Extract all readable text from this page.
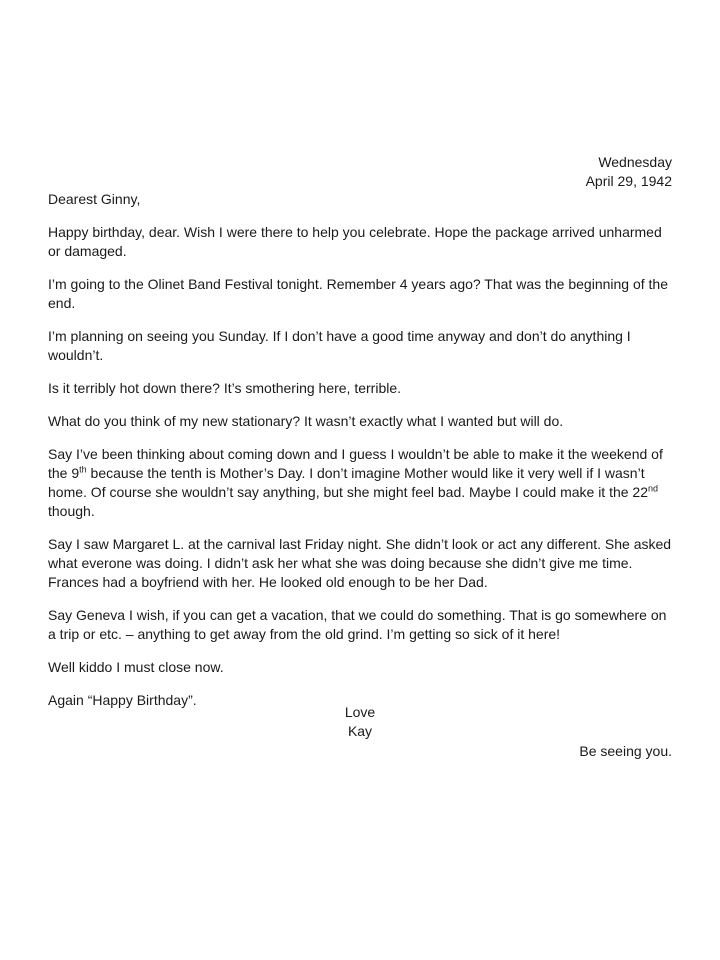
Wednesday
April 29, 1942

Dearest Ginny,

Happy birthday, dear. Wish I were there to help you celebrate. Hope the package arrived unharmed or damaged.

I’m going to the Olinet Band Festival tonight. Remember 4 years ago? That was the beginning of the end.

I’m planning on seeing you Sunday. If I don’t have a good time anyway and don’t do anything I wouldn’t.

Is it terribly hot down there? It’s smothering here, terrible.

What do you think of my new stationary? It wasn’t exactly what I wanted but will do.

Say I’ve been thinking about coming down and I guess I wouldn’t be able to make it the weekend of the 9th because the tenth is Mother’s Day. I don’t imagine Mother would like it very well if I wasn’t home. Of course she wouldn’t say anything, but she might feel bad. Maybe I could make it the 22nd though.

Say I saw Margaret L. at the carnival last Friday night. She didn’t look or act any different. She asked what everone was doing. I didn’t ask her what she was doing because she didn’t give me time. Frances had a boyfriend with her. He looked old enough to be her Dad.

Say Geneva I wish, if you can get a vacation, that we could do something. That is go somewhere on a trip or etc. – anything to get away from the old grind. I’m getting so sick of it here!

Well kiddo I must close now.

Again “Happy Birthday”.

Love
Kay
Be seeing you.
